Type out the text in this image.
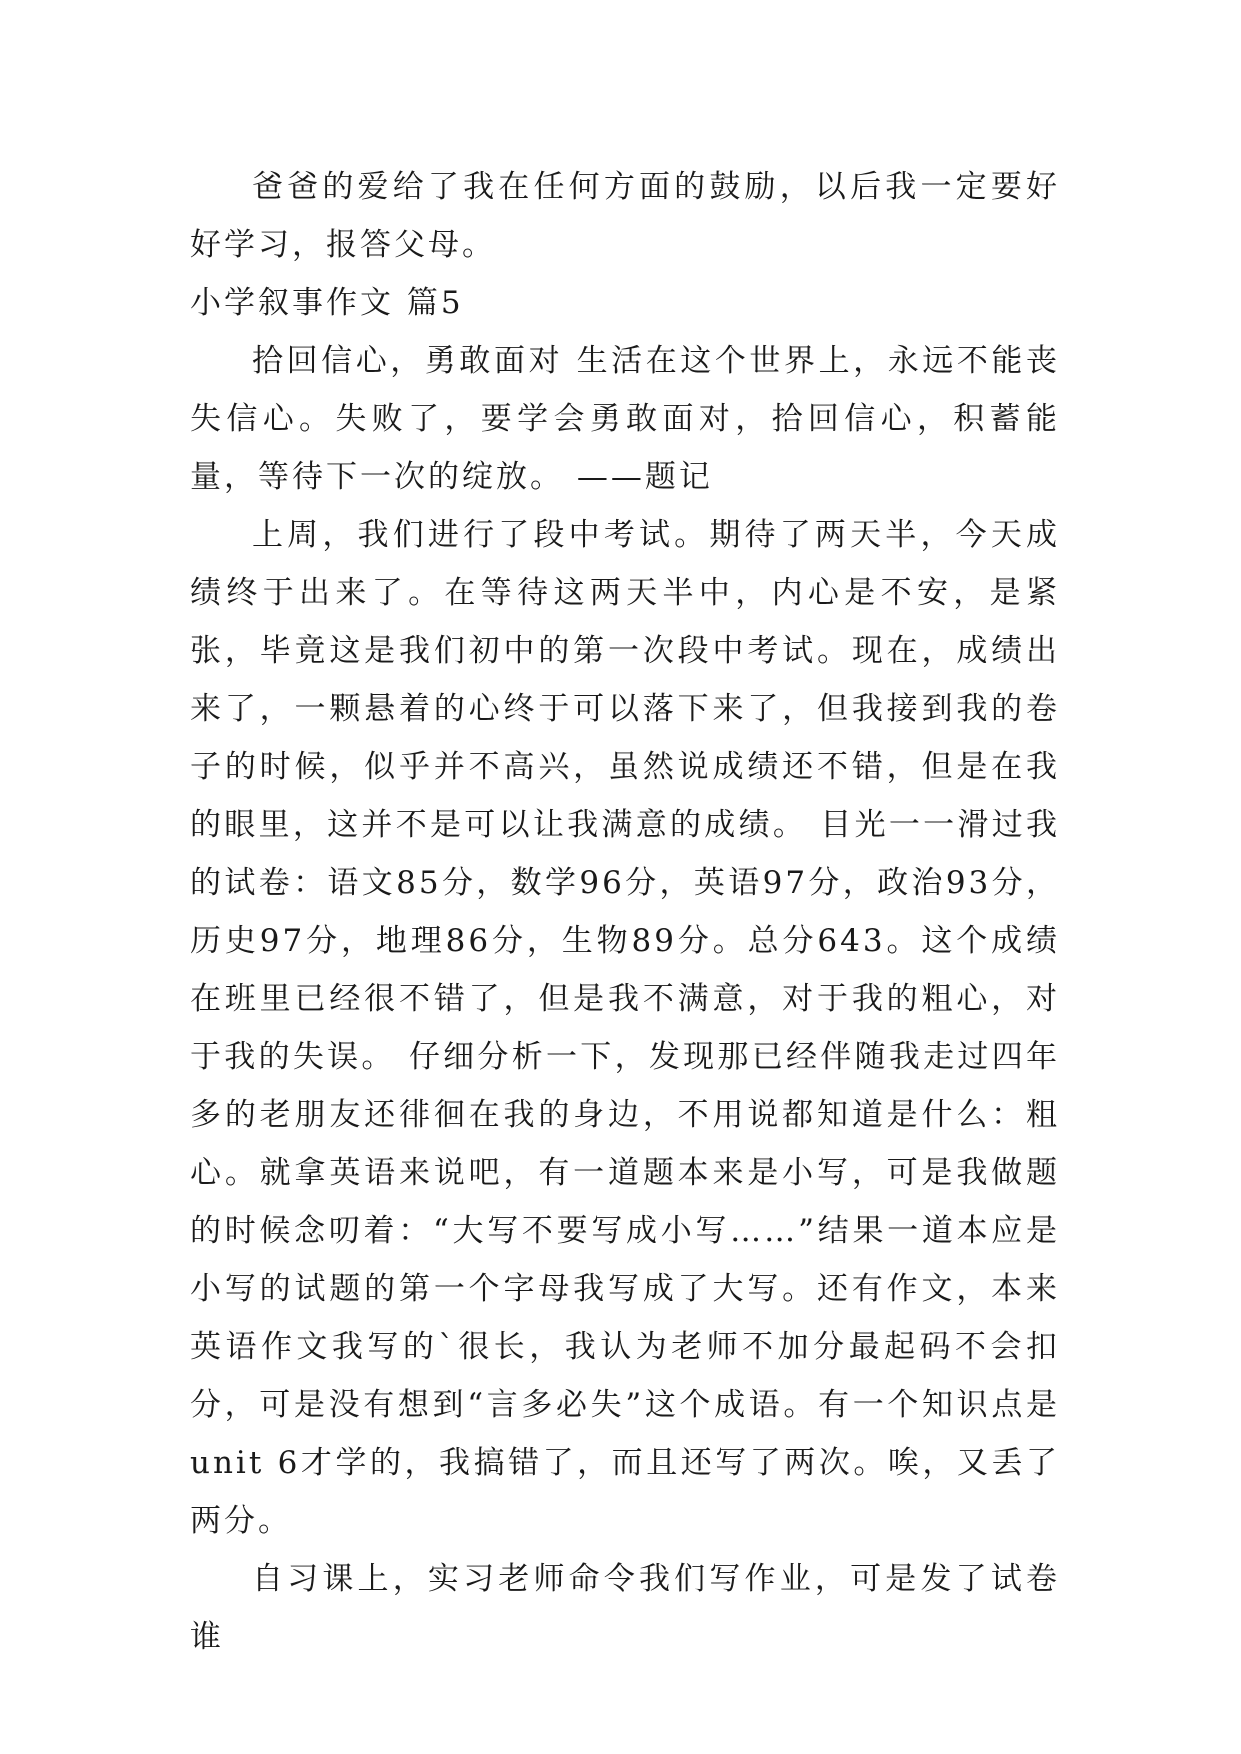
爸爸的爱给了我在任何方面的鼓励，以后我一定要好好学习，报答父母。

小学叙事作文 篇5

拾回信心，勇敢面对 生活在这个世界上，永远不能丧失信心。失败了，要学会勇敢面对，拾回信心，积蓄能量，等待下一次的绽放。 ——题记

上周，我们进行了段中考试。期待了两天半，今天成绩终于出来了。在等待这两天半中，内心是不安，是紧张，毕竟这是我们初中的第一次段中考试。现在，成绩出来了，一颗悬着的心终于可以落下来了，但我接到我的卷子的时候，似乎并不高兴，虽然说成绩还不错，但是在我的眼里，这并不是可以让我满意的成绩。 目光一一滑过我的试卷：语文85分，数学96分，英语97分，政治93分，历史97分，地理86分，生物89分。总分643。这个成绩在班里已经很不错了，但是我不满意，对于我的粗心，对于我的失误。 仔细分析一下，发现那已经伴随我走过四年多的老朋友还徘徊在我的身边，不用说都知道是什么：粗心。就拿英语来说吧，有一道题本来是小写，可是我做题的时候念叨着：“大写不要写成小写……”结果一道本应是小写的试题的第一个字母我写成了大写。还有作文，本来英语作文我写的`很长，我认为老师不加分最起码不会扣分，可是没有想到“言多必失”这个成语。有一个知识点是unit 6才学的，我搞错了，而且还写了两次。唉，又丢了两分。

自习课上，实习老师命令我们写作业，可是发了试卷谁
